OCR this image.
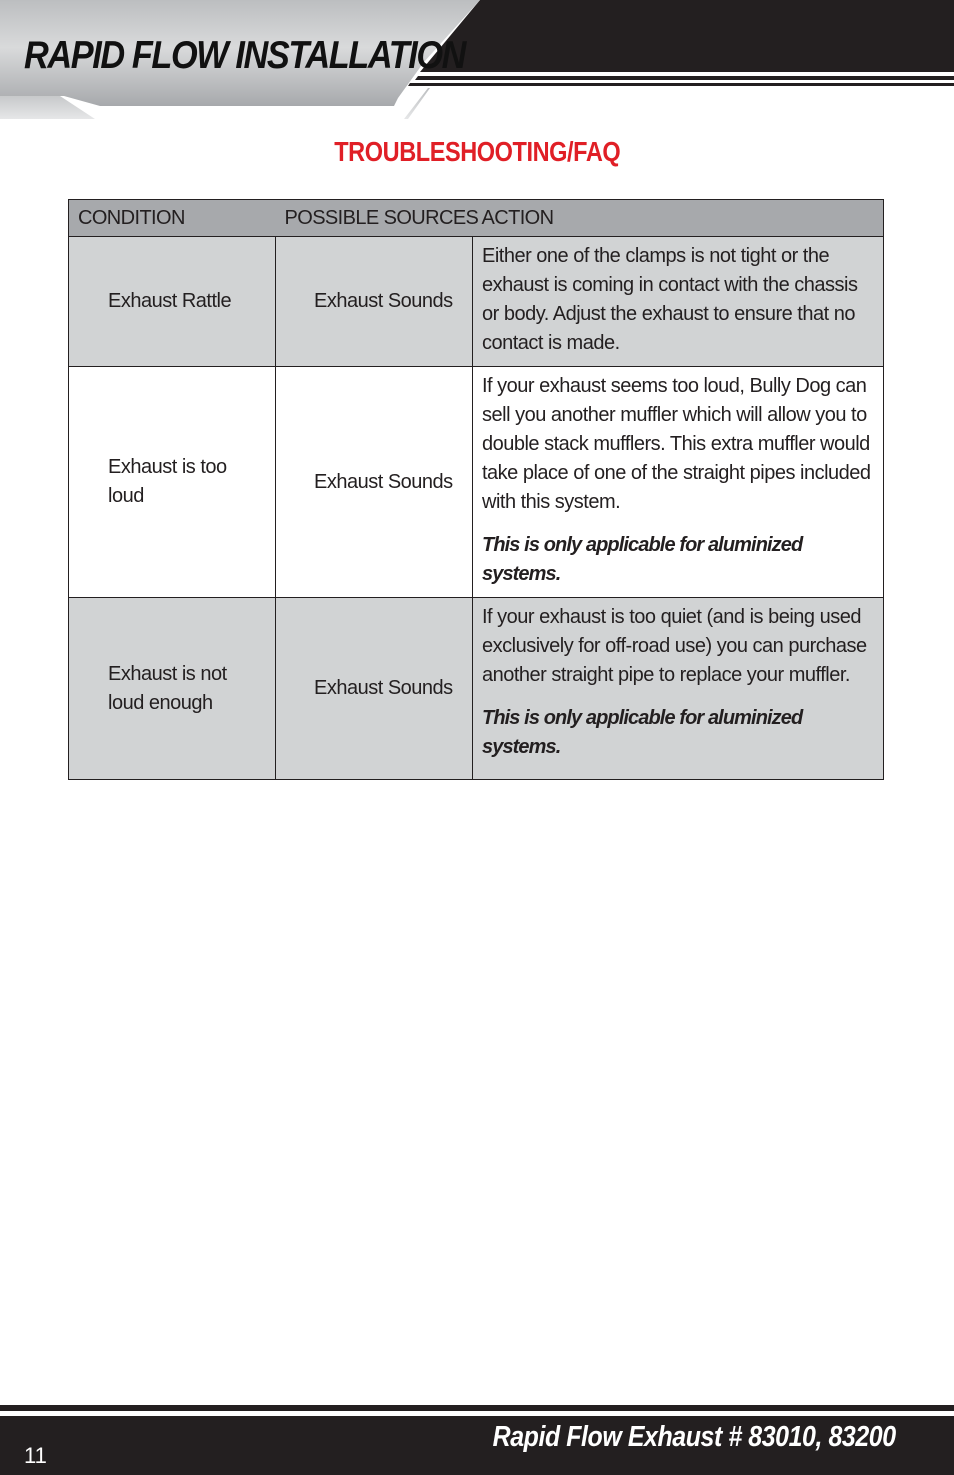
RAPID FLOW INSTALLATION
TROUBLESHOOTING/FAQ
CONDITION	POSSIBLE SOURCES	ACTION
Exhaust Rattle	Exhaust Sounds	Either one of the clamps is not tight or the exhaust is coming in contact with the chassis or body. Adjust the exhaust to ensure that no contact is made.

Exhaust is too loud	Exhaust Sounds	If your exhaust seems too loud, Bully Dog can sell you another muffler which will allow you to double stack mufflers. This extra muffler would take place of one of the straight pipes included with this system.

This is only applicable for aluminized systems.

Exhaust is not loud enough	Exhaust Sounds	If your exhaust is too quiet (and is being used exclusively for off-road use) you can purchase another straight pipe to replace your muffler.

This is only applicable for aluminized systems.

11
Rapid Flow Exhaust # 83010, 83200
